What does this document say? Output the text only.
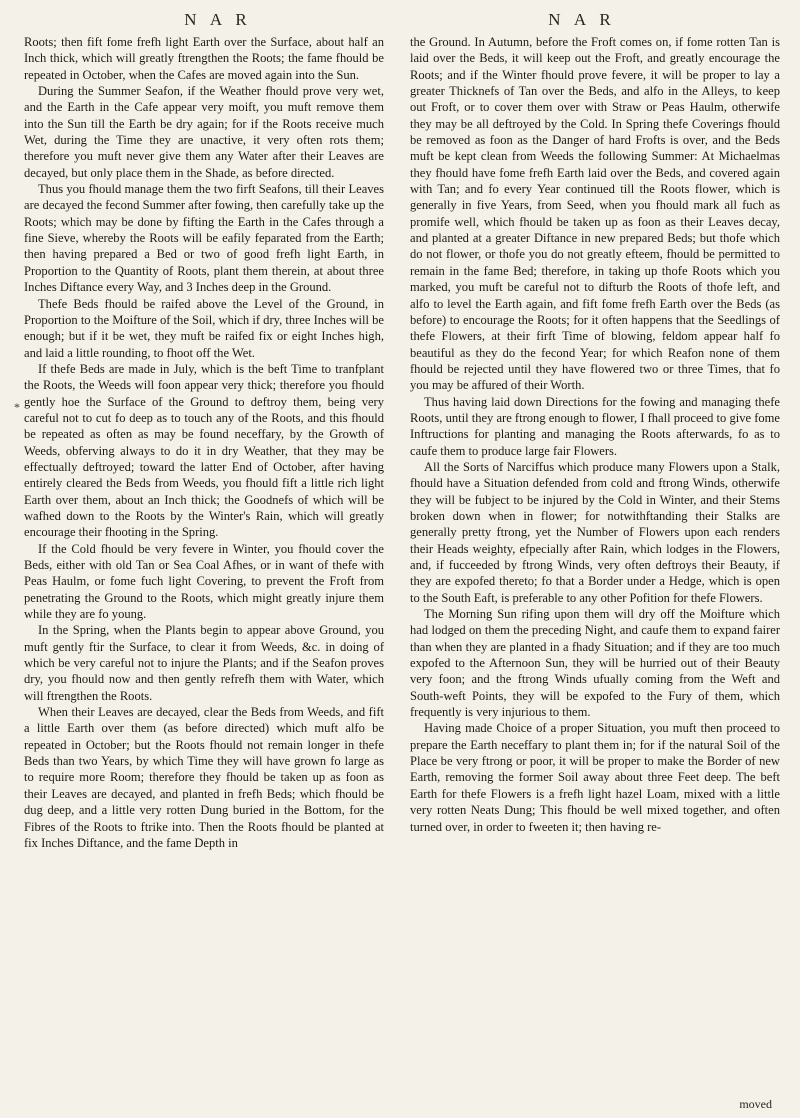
N A R	N A R
*

Roots; then fift fome frefh light Earth over the Surface, about half an Inch thick, which will greatly ftrengthen the Roots; the fame fhould be repeated in October, when the Cafes are moved again into the Sun.

During the Summer Seafon, if the Weather fhould prove very wet, and the Earth in the Cafe appear very moift, you muft remove them into the Sun till the Earth be dry again; for if the Roots receive much Wet, during the Time they are unactive, it very often rots them; therefore you muft never give them any Water after their Leaves are decayed, but only place them in the Shade, as before directed.

Thus you fhould manage them the two firft Seafons, till their Leaves are decayed the fecond Summer after fowing, then carefully take up the Roots; which may be done by fifting the Earth in the Cafes through a fine Sieve, whereby the Roots will be eafily feparated from the Earth; then having prepared a Bed or two of good frefh light Earth, in Proportion to the Quantity of Roots, plant them therein, at about three Inches Diftance every Way, and 3 Inches deep in the Ground.

Thefe Beds fhould be raifed above the Level of the Ground, in Proportion to the Moifture of the Soil, which if dry, three Inches will be enough; but if it be wet, they muft be raifed fix or eight Inches high, and laid a little rounding, to fhoot off the Wet.

If thefe Beds are made in July, which is the beft Time to tranfplant the Roots, the Weeds will foon appear very thick; therefore you fhould gently hoe the Surface of the Ground to deftroy them, being very careful not to cut fo deep as to touch any of the Roots, and this fhould be repeated as often as may be found neceffary, by the Growth of Weeds, obferving always to do it in dry Weather, that they may be effectually deftroyed; toward the latter End of October, after having entirely cleared the Beds from Weeds, you fhould fift a little rich light Earth over them, about an Inch thick; the Goodnefs of which will be wafhed down to the Roots by the Winter's Rain, which will greatly encourage their fhooting in the Spring.

If the Cold fhould be very fevere in Winter, you fhould cover the Beds, either with old Tan or Sea Coal Afhes, or in want of thefe with Peas Haulm, or fome fuch light Covering, to prevent the Froft from penetrating the Ground to the Roots, which might greatly injure them while they are fo young.

In the Spring, when the Plants begin to appear above Ground, you muft gently ftir the Surface, to clear it from Weeds, &c. in doing of which be very careful not to injure the Plants; and if the Seafon proves dry, you fhould now and then gently refrefh them with Water, which will ftrengthen the Roots.

When their Leaves are decayed, clear the Beds from Weeds, and fift a little Earth over them (as before directed) which muft alfo be repeated in October; but the Roots fhould not remain longer in thefe Beds than two Years, by which Time they will have grown fo large as to require more Room; therefore they fhould be taken up as foon as their Leaves are decayed, and planted in frefh Beds; which fhould be dug deep, and a little very rotten Dung buried in the Bottom, for the Fibres of the Roots to ftrike into. Then the Roots fhould be planted at fix Inches Diftance, and the fame Depth in

the Ground. In Autumn, before the Froft comes on, if fome rotten Tan is laid over the Beds, it will keep out the Froft, and greatly encourage the Roots; and if the Winter fhould prove fevere, it will be proper to lay a greater Thicknefs of Tan over the Beds, and alfo in the Alleys, to keep out Froft, or to cover them over with Straw or Peas Haulm, otherwife they may be all deftroyed by the Cold. In Spring thefe Coverings fhould be removed as foon as the Danger of hard Frofts is over, and the Beds muft be kept clean from Weeds the following Summer: At Michaelmas they fhould have fome frefh Earth laid over the Beds, and covered again with Tan; and fo every Year continued till the Roots flower, which is generally in five Years, from Seed, when you fhould mark all fuch as promife well, which fhould be taken up as foon as their Leaves decay, and planted at a greater Diftance in new prepared Beds; but thofe which do not flower, or thofe you do not greatly efteem, fhould be permitted to remain in the fame Bed; therefore, in taking up thofe Roots which you marked, you muft be careful not to difturb the Roots of thofe left, and alfo to level the Earth again, and fift fome frefh Earth over the Beds (as before) to encourage the Roots; for it often happens that the Seedlings of thefe Flowers, at their firft Time of blowing, feldom appear half fo beautiful as they do the fecond Year; for which Reafon none of them fhould be rejected until they have flowered two or three Times, that fo you may be affured of their Worth.

Thus having laid down Directions for the fowing and managing thefe Roots, until they are ftrong enough to flower, I fhall proceed to give fome Inftructions for planting and managing the Roots afterwards, fo as to caufe them to produce large fair Flowers.

All the Sorts of Narciffus which produce many Flowers upon a Stalk, fhould have a Situation defended from cold and ftrong Winds, otherwife they will be fubject to be injured by the Cold in Winter, and their Stems broken down when in flower; for notwithftanding their Stalks are generally pretty ftrong, yet the Number of Flowers upon each renders their Heads weighty, efpecially after Rain, which lodges in the Flowers, and, if fucceeded by ftrong Winds, very often deftroys their Beauty, if they are expofed thereto; fo that a Border under a Hedge, which is open to the South Eaft, is preferable to any other Pofition for thefe Flowers.

The Morning Sun rifing upon them will dry off the Moifture which had lodged on them the preceding Night, and caufe them to expand fairer than when they are planted in a fhady Situation; and if they are too much expofed to the Afternoon Sun, they will be hurried out of their Beauty very foon; and the ftrong Winds ufually coming from the Weft and South-weft Points, they will be expofed to the Fury of them, which frequently is very injurious to them.

Having made Choice of a proper Situation, you muft then proceed to prepare the Earth neceffary to plant them in; for if the natural Soil of the Place be very ftrong or poor, it will be proper to make the Border of new Earth, removing the former Soil away about three Feet deep. The beft Earth for thefe Flowers is a frefh light hazel Loam, mixed with a little very rotten Neats Dung; This fhould be well mixed together, and often turned over, in order to fweeten it; then having re-

moved
